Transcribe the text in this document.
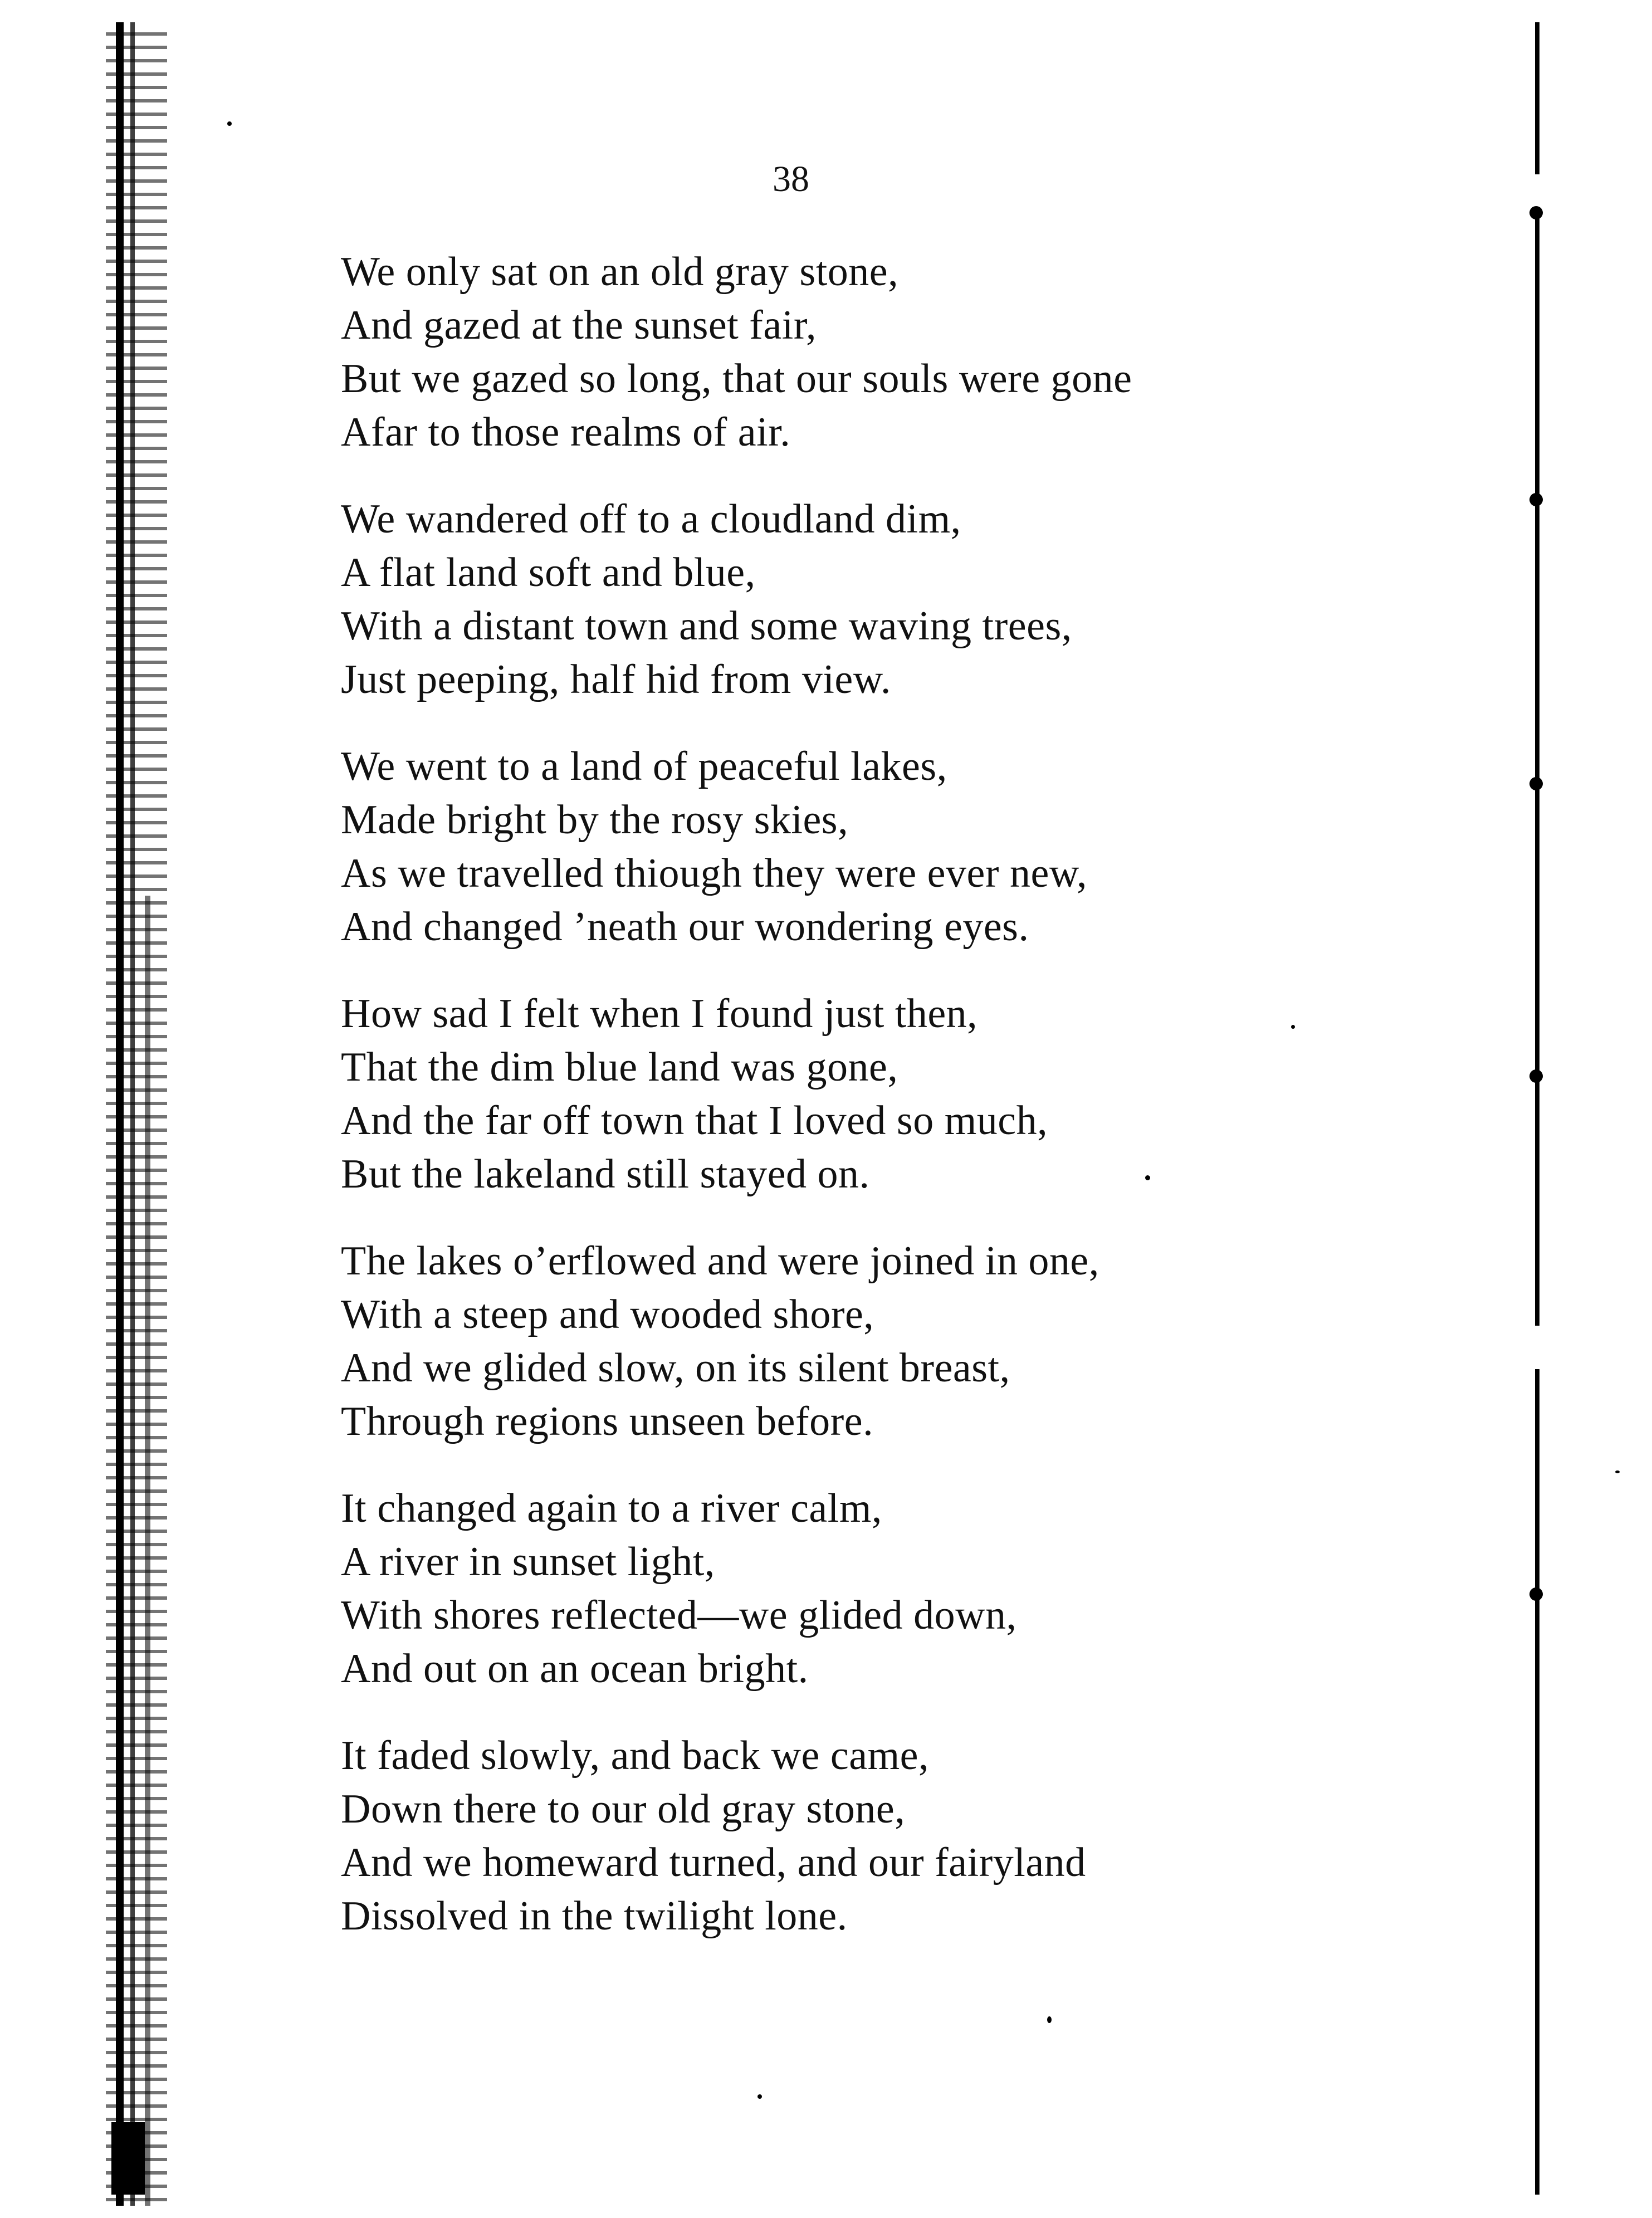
38
We only sat on an old gray stone,
And gazed at the sunset fair,
But we gazed so long, that our souls were gone
Afar to those realms of air.
We wandered off to a cloudland dim,
A flat land soft and blue,
With a distant town and some waving trees,
Just peeping, half hid from view.
We went to a land of peaceful lakes,
Made bright by the rosy skies,
As we travelled thiough they were ever new,
And changed ’neath our wondering eyes.
How sad I felt when I found just then,
That the dim blue land was gone,
And the far off town that I loved so much,
But the lakeland still stayed on.
The lakes o’erflowed and were joined in one,
With a steep and wooded shore,
And we glided slow, on its silent breast,
Through regions unseen before.
It changed again to a river calm,
A river in sunset light,
With shores reflected—we glided down,
And out on an ocean bright.
It faded slowly, and back we came,
Down there to our old gray stone,
And we homeward turned, and our fairyland
Dissolved in the twilight lone.
